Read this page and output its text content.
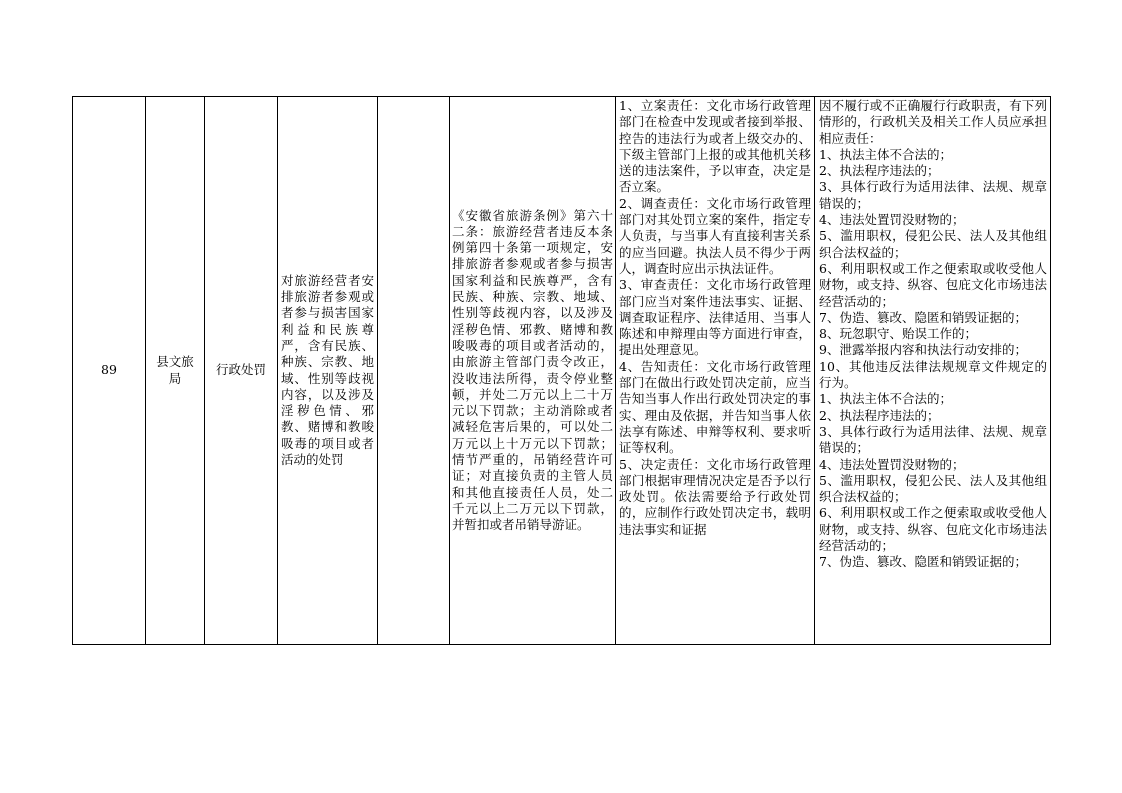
89
县文旅局
行政处罚
对旅游经营者安排旅游者参观或者参与损害国家利益和民族尊严，含有民族、种族、宗教、地域、性别等歧视内容，以及涉及淫秽色情、邪教、赌博和教唆吸毒的项目或者活动的处罚
《安徽省旅游条例》第六十二条：旅游经营者违反本条例第四十条第一项规定，安排旅游者参观或者参与损害国家利益和民族尊严，含有民族、种族、宗教、地域、性别等歧视内容，以及涉及淫秽色情、邪教、赌博和教唆吸毒的项目或者活动的，由旅游主管部门责令改正，没收违法所得，责令停业整顿，并处二万元以上二十万元以下罚款；主动消除或者减轻危害后果的，可以处二万元以上十万元以下罚款；情节严重的，吊销经营许可证；对直接负责的主管人员和其他直接责任人员，处二千元以上二万元以下罚款，并暂扣或者吊销导游证。
1、立案责任：文化市场行政管理部门在检查中发现或者接到举报、控告的违法行为或者上级交办的、下级主管部门上报的或其他机关移送的违法案件，予以审查，决定是否立案。
2、调查责任：文化市场行政管理部门对其处罚立案的案件，指定专人负责，与当事人有直接利害关系的应当回避。执法人员不得少于两人，调查时应出示执法证件。
3、审查责任：文化市场行政管理部门应当对案件违法事实、证据、调查取证程序、法律适用、当事人陈述和申辩理由等方面进行审查，提出处理意见。
4、告知责任：文化市场行政管理部门在做出行政处罚决定前，应当告知当事人作出行政处罚决定的事实、理由及依据，并告知当事人依法享有陈述、申辩等权利、要求听证等权利。
5、决定责任：文化市场行政管理部门根据审理情况决定是否予以行政处罚。依法需要给予行政处罚的，应制作行政处罚决定书，载明违法事实和证据
因不履行或不正确履行行政职责，有下列情形的，行政机关及相关工作人员应承担相应责任：
1、执法主体不合法的；
2、执法程序违法的；
3、具体行政行为适用法律、法规、规章错误的；
4、违法处置罚没财物的；
5、滥用职权，侵犯公民、法人及其他组织合法权益的；
6、利用职权或工作之便索取或收受他人财物，或支持、纵容、包庇文化市场违法经营活动的；
7、伪造、篡改、隐匿和销毁证据的；
8、玩忽职守、贻误工作的；
9、泄露举报内容和执法行动安排的；
10、其他违反法律法规规章文件规定的行为。
1、执法主体不合法的；
2、执法程序违法的；
3、具体行政行为适用法律、法规、规章错误的；
4、违法处置罚没财物的；
5、滥用职权，侵犯公民、法人及其他组织合法权益的；
6、利用职权或工作之便索取或收受他人财物，或支持、纵容、包庇文化市场违法经营活动的；
7、伪造、篡改、隐匿和销毁证据的；
